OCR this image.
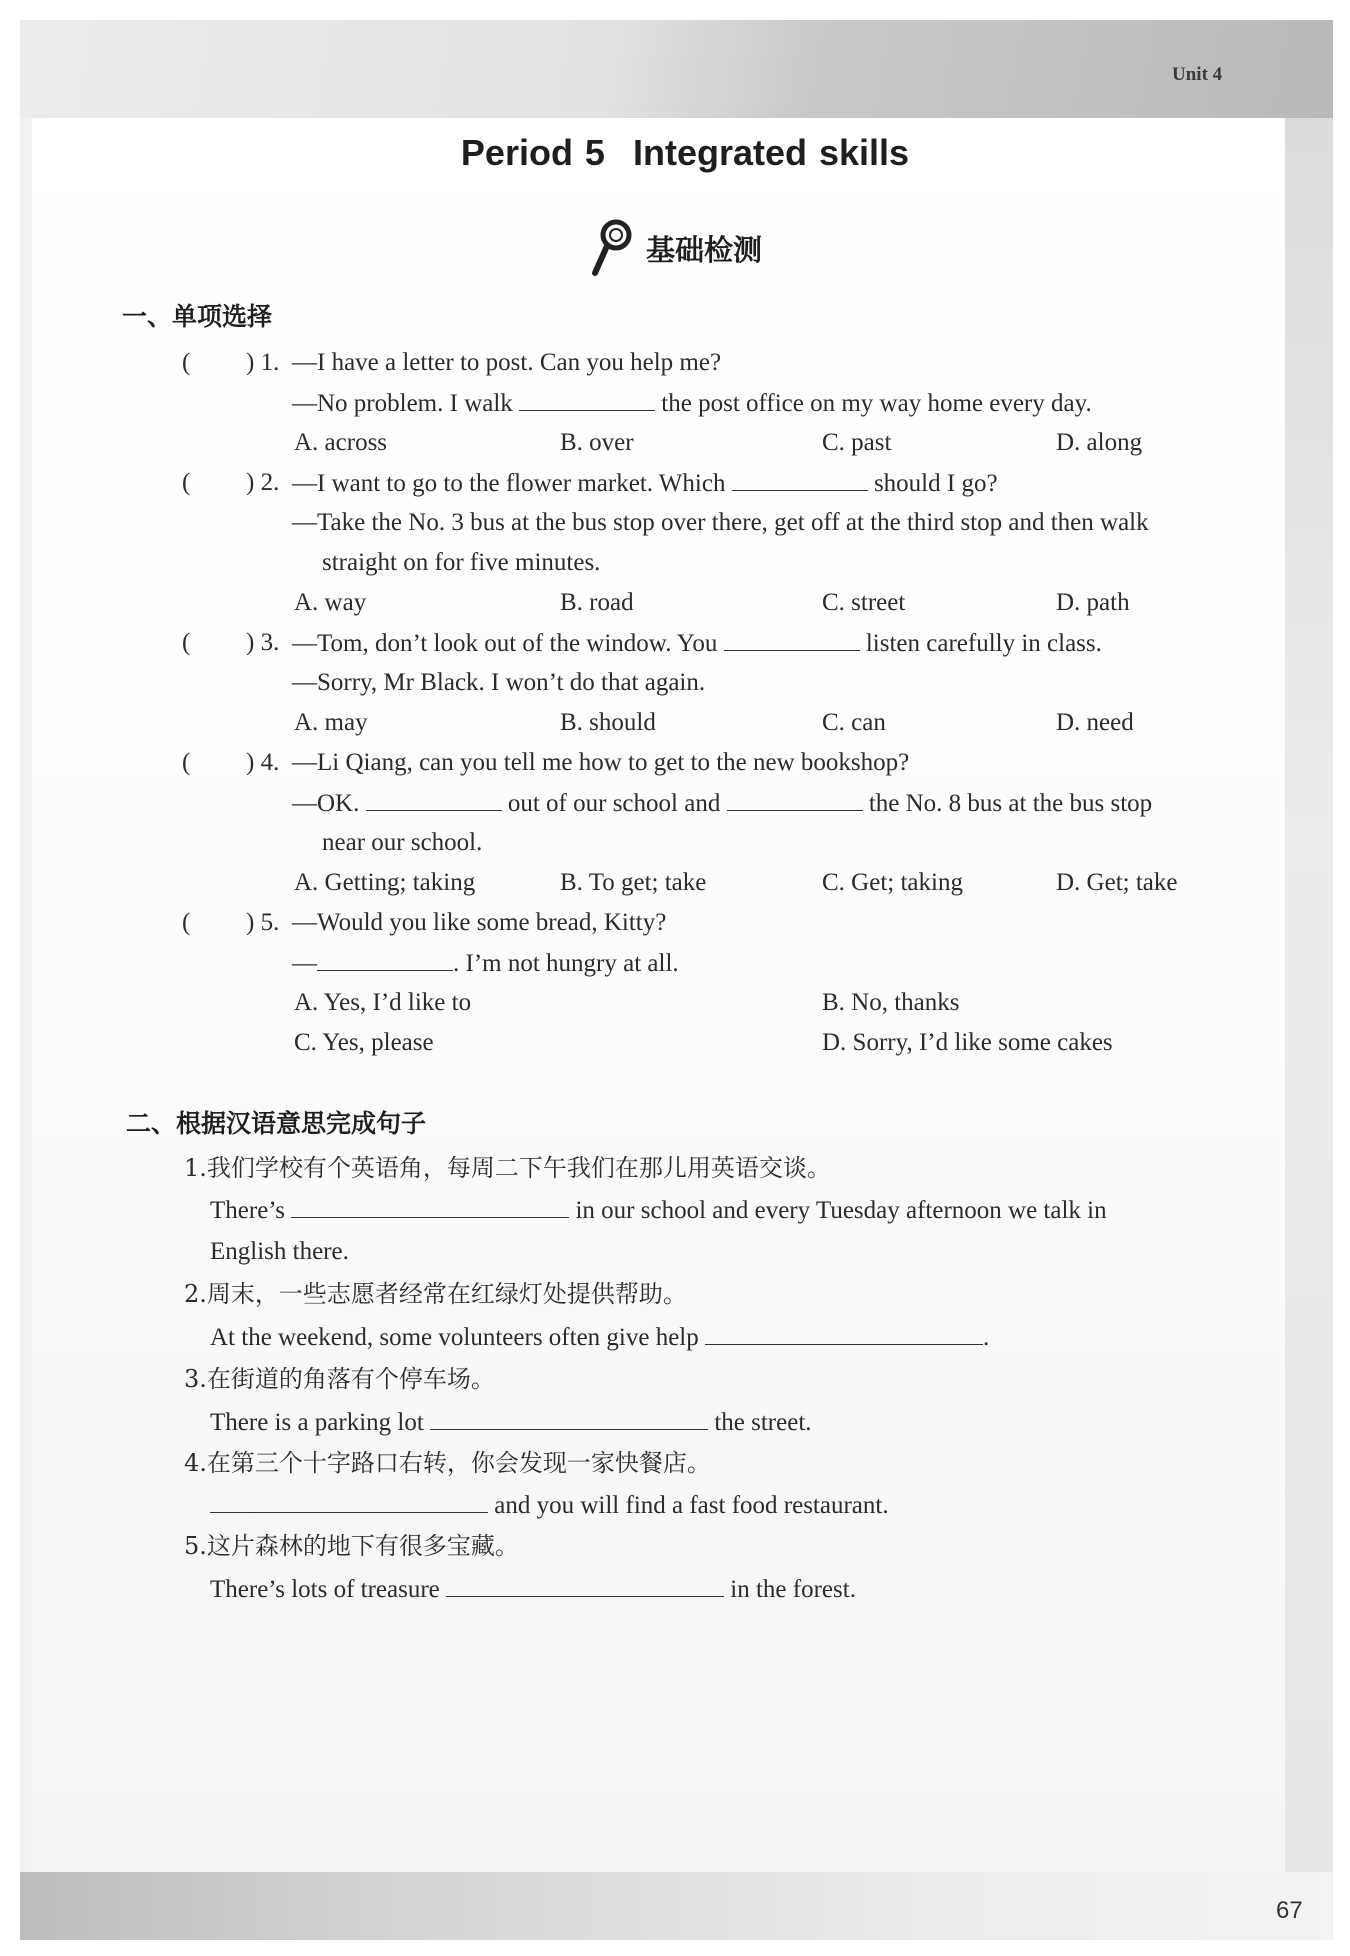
Unit 4
67
Period 5 Integrated skills
基础检测
一、单项选择
( ) 1. —I have a letter to post. Can you help me?
—No problem. I walk	the post office on my way home every day.
A. across	B. over	C. past	D. along
( ) 2. —I want to go to the flower market. Which	should I go?
—Take the No. 3 bus at the bus stop over there, get off at the third stop and then walk
straight on for five minutes.
A. way	B. road	C. street	D. path
( ) 3. —Tom, don’t look out of the window. You	listen carefully in class.
—Sorry, Mr Black. I won’t do that again.
A. may	B. should	C. can	D. need
( ) 4. —Li Qiang, can you tell me how to get to the new bookshop?
—OK.	out of our school and	the No. 8 bus at the bus stop
near our school.
A. Getting; taking	B. To get; take	C. Get; taking	D. Get; take
( ) 5. —Would you like some bread, Kitty?
—	. I’m not hungry at all.
A. Yes, I’d like to	B. No, thanks
C. Yes, please	D. Sorry, I’d like some cakes
二、根据汉语意思完成句子
1.我们学校有个英语角，每周二下午我们在那儿用英语交谈。
There’s	in our school and every Tuesday afternoon we talk in
English there.
2.周末，一些志愿者经常在红绿灯处提供帮助。
At the weekend, some volunteers often give help	.
3.在街道的角落有个停车场。
There is a parking lot	the street.
4.在第三个十字路口右转，你会发现一家快餐店。
and you will find a fast food restaurant.
5.这片森林的地下有很多宝藏。
There’s lots of treasure	in the forest.
